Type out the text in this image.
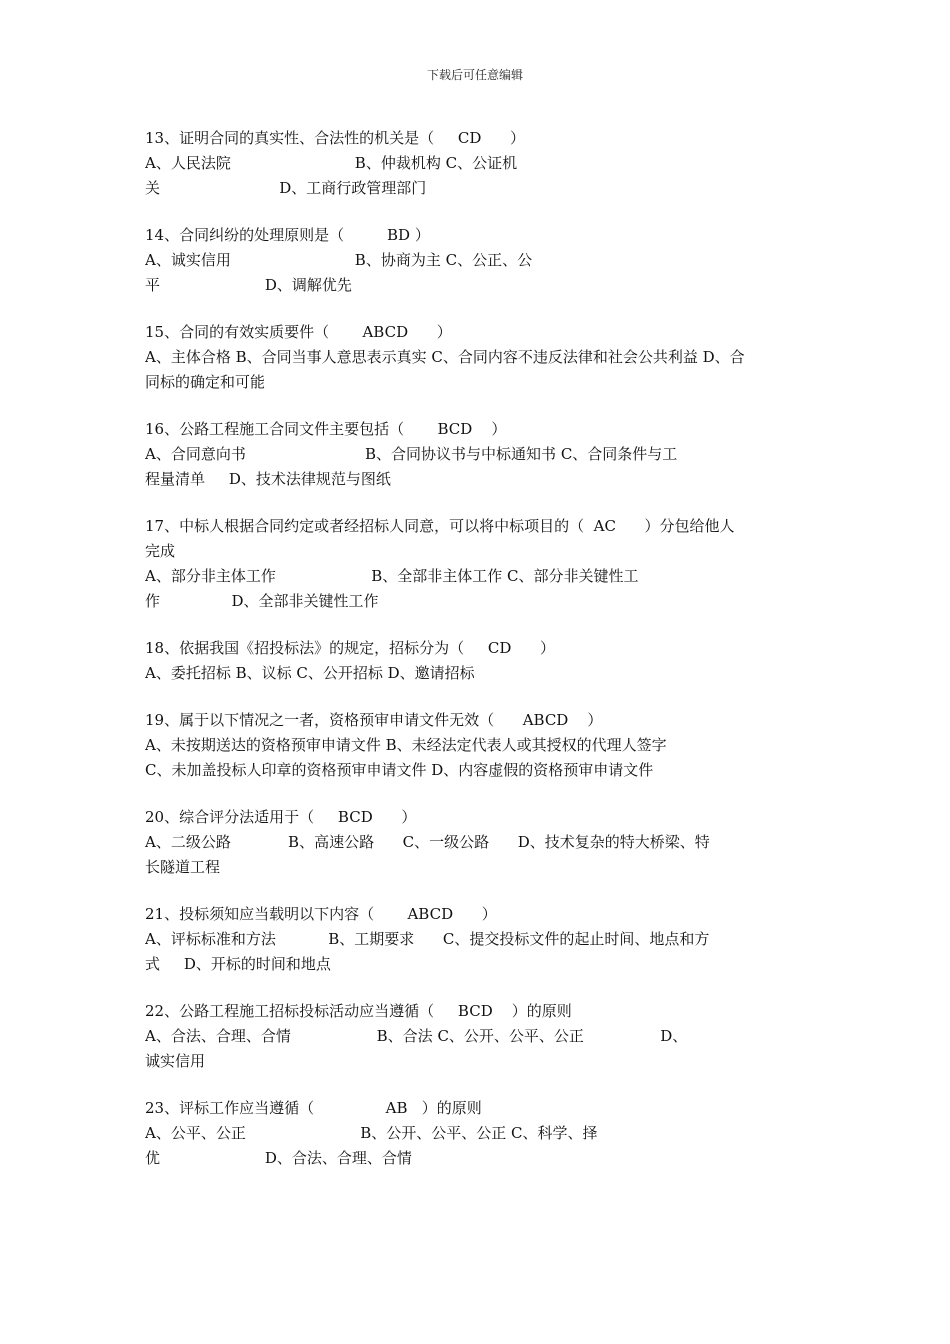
下载后可任意编辑
13、证明合同的真实性、合法性的机关是（     CD      ）
A、人民法院                          B、仲裁机构 C、公证机
关                         D、工商行政管理部门
14、合同纠纷的处理原则是（         BD ）
A、诚实信用                          B、协商为主 C、公正、公
平                      D、调解优先
15、合同的有效实质要件（       ABCD      ）
A、主体合格 B、合同当事人意思表示真实 C、合同内容不违反法律和社会公共利益 D、合
同标的确定和可能
16、公路工程施工合同文件主要包括（       BCD    ）
A、合同意向书                         B、合同协议书与中标通知书 C、合同条件与工
程量清单     D、技术法律规范与图纸
17、中标人根据合同约定或者经招标人同意，可以将中标项目的（  AC      ）分包给他人
完成
A、部分非主体工作                    B、全部非主体工作 C、部分非关键性工
作               D、全部非关键性工作
18、依据我国《招投标法》的规定，招标分为（     CD      ）
A、委托招标 B、议标 C、公开招标 D、邀请招标
19、属于以下情况之一者，资格预审申请文件无效（      ABCD    ）
A、未按期送达的资格预审申请文件 B、未经法定代表人或其授权的代理人签字
C、未加盖投标人印章的资格预审申请文件 D、内容虚假的资格预审申请文件
20、综合评分法适用于（     BCD      ）
A、二级公路            B、高速公路      C、一级公路      D、技术复杂的特大桥梁、特
长隧道工程
21、投标须知应当载明以下内容（       ABCD      ）
A、评标标准和方法           B、工期要求      C、提交投标文件的起止时间、地点和方
式     D、开标的时间和地点
22、公路工程施工招标投标活动应当遵循（     BCD    ）的原则
A、合法、合理、合情                  B、合法 C、公开、公平、公正                D、
诚实信用
23、评标工作应当遵循（               AB   ）的原则
A、公平、公正                        B、公开、公平、公正 C、科学、择
优                      D、合法、合理、合情
